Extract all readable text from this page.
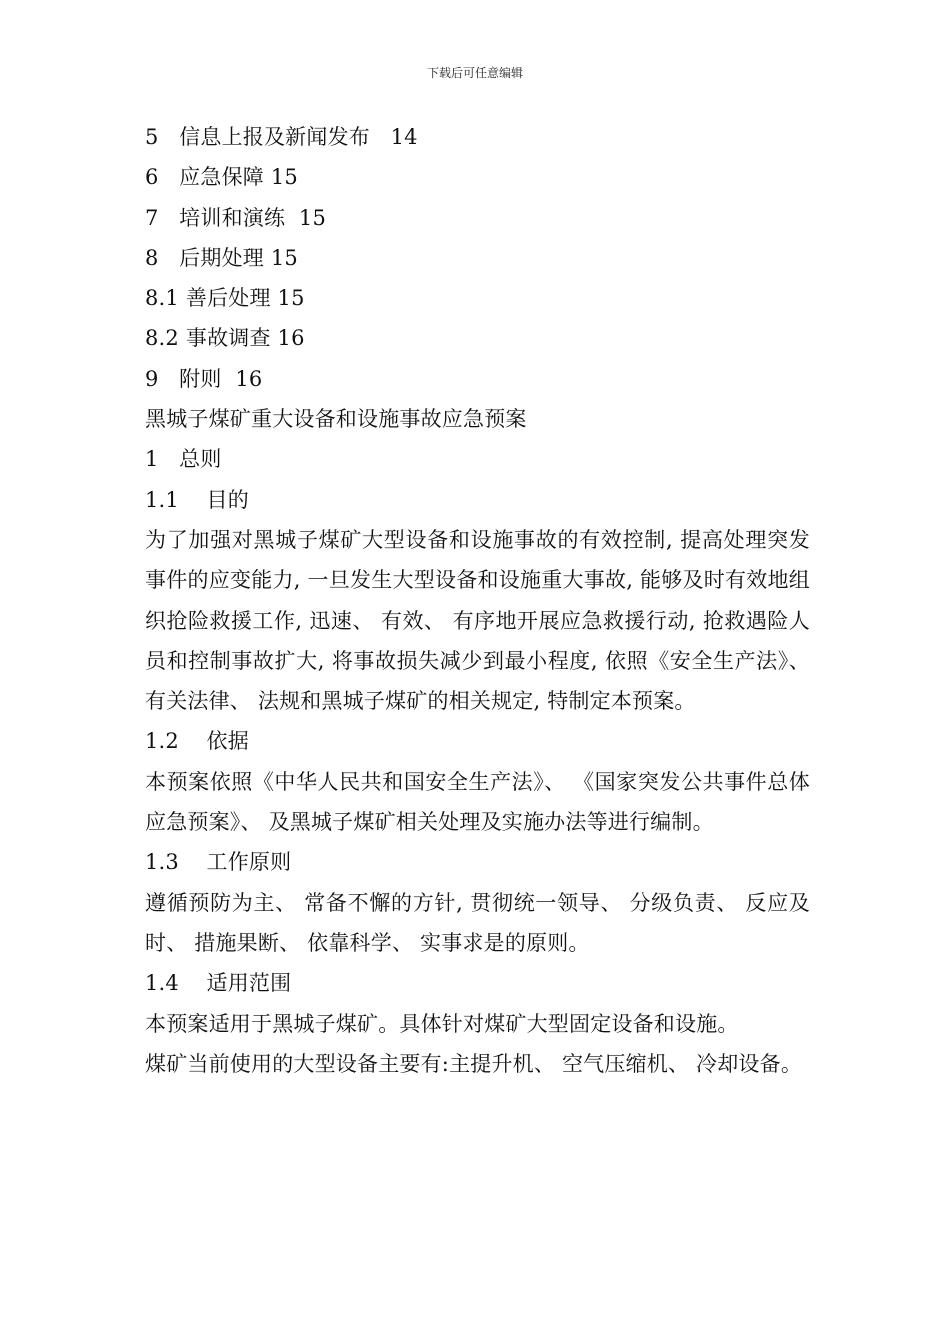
下载后可任意编辑
5   信息上报及新闻发布   14
6   应急保障 15
7   培训和演练  15
8   后期处理 15
8.1 善后处理 15
8.2 事故调查 16
9   附则  16
黑城子煤矿重大设备和设施事故应急预案
1   总则
1.1    目的
为了加强对黑城子煤矿大型设备和设施事故的有效控制, 提高处理突发事件的应变能力, 一旦发生大型设备和设施重大事故, 能够及时有效地组织抢险救援工作, 迅速、 有效、 有序地开展应急救援行动, 抢救遇险人员和控制事故扩大, 将事故损失减少到最小程度, 依照《安全生产法》、 有关法律、 法规和黑城子煤矿的相关规定, 特制定本预案。
1.2    依据
本预案依照《中华人民共和国安全生产法》、 《国家突发公共事件总体应急预案》、 及黑城子煤矿相关处理及实施办法等进行编制。
1.3    工作原则
遵循预防为主、 常备不懈的方针, 贯彻统一领导、 分级负责、 反应及时、 措施果断、 依靠科学、 实事求是的原则。
1.4    适用范围
本预案适用于黑城子煤矿。具体针对煤矿大型固定设备和设施。
煤矿当前使用的大型设备主要有:主提升机、 空气压缩机、 冷却设备。
